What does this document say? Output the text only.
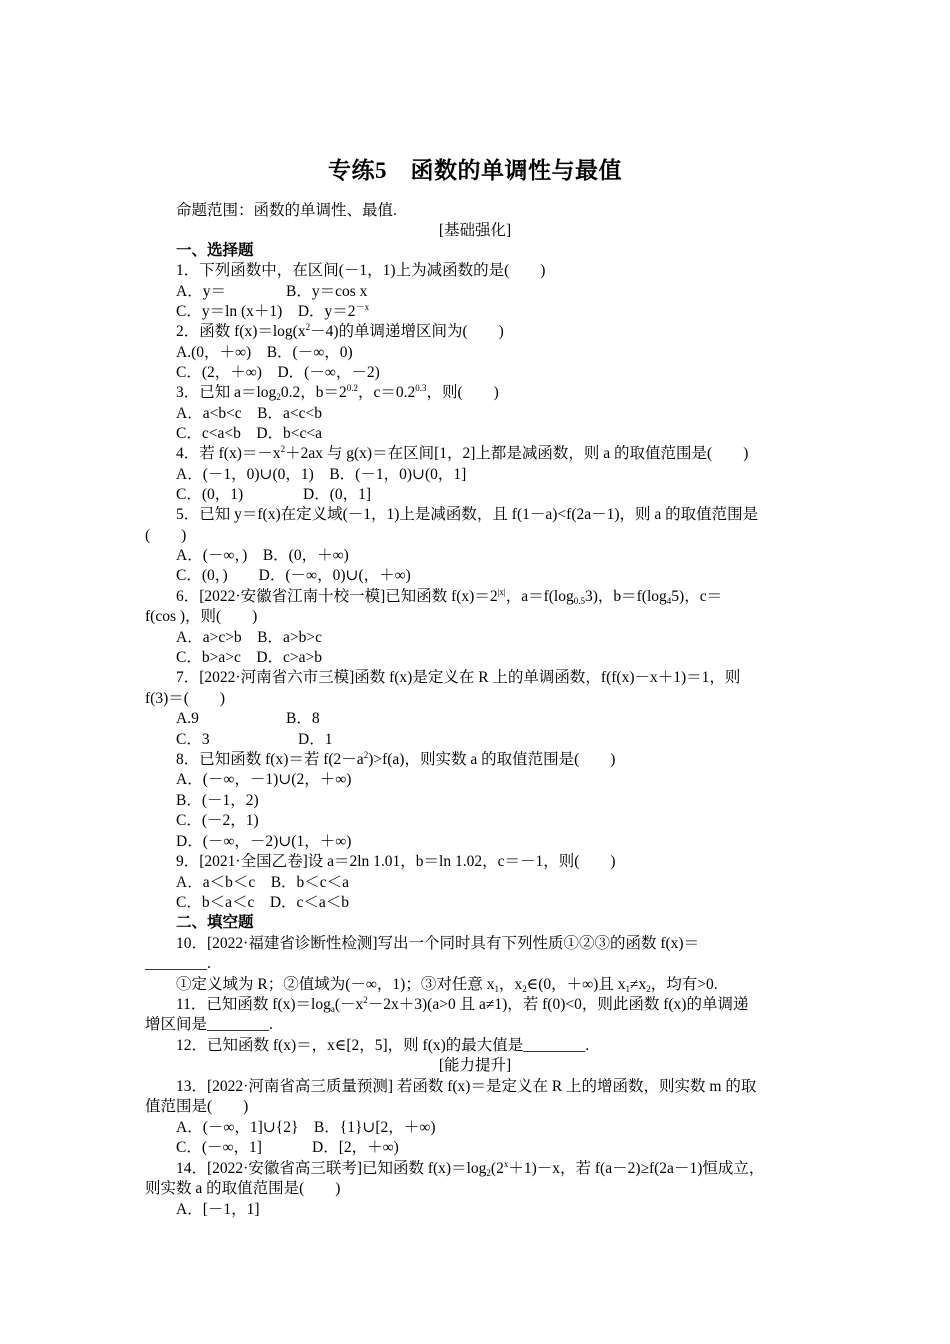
专练5　函数的单调性与最值
命题范围：函数的单调性、最值.
[基础强化]
一、选择题
1．下列函数中，在区间(－1，1)上为减函数的是(　　)
A．y＝	B．y＝cos x
C．y＝ln (x＋1)　 D．$y=2^{-x}$
2．函数 $f(x)=\log(x^2-4)$的单调递增区间为(　　)
A.(0，＋∞)　B．(－∞，0)
C．(2，＋∞)　D．(－∞，－2)
3．已知 $a=\log_20.2$，$b=2^{0.2}$，$c=0.2^{0.3}$，则(　　)
A．a<b<c　B．a<c<b
C．c<a<b　D．b<c<a
4．若 $f(x)=-x^2+2ax$ 与 g(x)＝在区间[1，2]上都是减函数，则 a 的取值范围是(　　)
A．(－1，0)∪(0，1)　B．(－1，0)∪(0，1]
C．(0，1)	D．(0，1]
5．已知 y＝f(x)在定义域(－1，1)上是减函数，且 f(1－a)<f(2a－1)，则 a 的取值范围是
(　　)
A．(－∞，)　B．(0，＋∞)
C．(0，)　　D．(－∞，0)∪(，＋∞)
6．[2022·安徽省江南十校一模]已知函数 $f(x)=2^{|x|}$，$a=f(\log_{0.5}3)$，$b=f(\log_45)$，c＝
f(cos )，则(　　)
A．a>c>b　B．a>b>c
C．b>a>c　D．c>a>b
7．[2022·河南省六市三模]函数 f(x)是定义在 R 上的单调函数，f(f(x)－x＋1)＝1，则
f(3)＝(　　)
A.9	B．8
C．3	D．1
8．已知函数 f(x)＝若 $f(2-a^2)>f(a)$，则实数 a 的取值范围是(　　)
A．(－∞，－1)∪(2，＋∞)
B．(－1，2)
C．(－2，1)
D．(－∞，－2)∪(1，＋∞)
9．[2021·全国乙卷]设 a＝2ln 1.01，b＝ln 1.02，c＝－1，则(　　)
A．a＜b＜c　B．b＜c＜a
C．b＜a＜c　D．c＜a＜b
二、填空题
10．[2022·福建省诊断性检测]写出一个同时具有下列性质①②③的函数 f(x)＝
________.
①定义域为 R；②值域为(－∞，1)；③对任意 $x_1$，$x_2\in(0$，＋∞)且 $x_1\ne x_2$，均有>0.
11．已知函数 $f(x)=\log_a(-x^2-2x+3)(a>0$ 且 a≠1)，若 f(0)<0，则此函数 f(x)的单调递
增区间是________.
12．已知函数 f(x)＝，x∈[2，5]，则 f(x)的最大值是________.
[能力提升]
13．[2022·河南省高三质量预测] 若函数 f(x)＝是定义在 R 上的增函数，则实数 m 的取
值范围是(　　)
A．(－∞，1]∪{2}　B．{1}∪[2，＋∞)
C．(－∞，1]	D．[2，＋∞)
14．[2022·安徽省高三联考]已知函数 $f(x)=\log_2(2^x+1)-x$，若 f(a－2)≥f(2a－1)恒成立，
则实数 a 的取值范围是(　　)
A．[－1，1]
